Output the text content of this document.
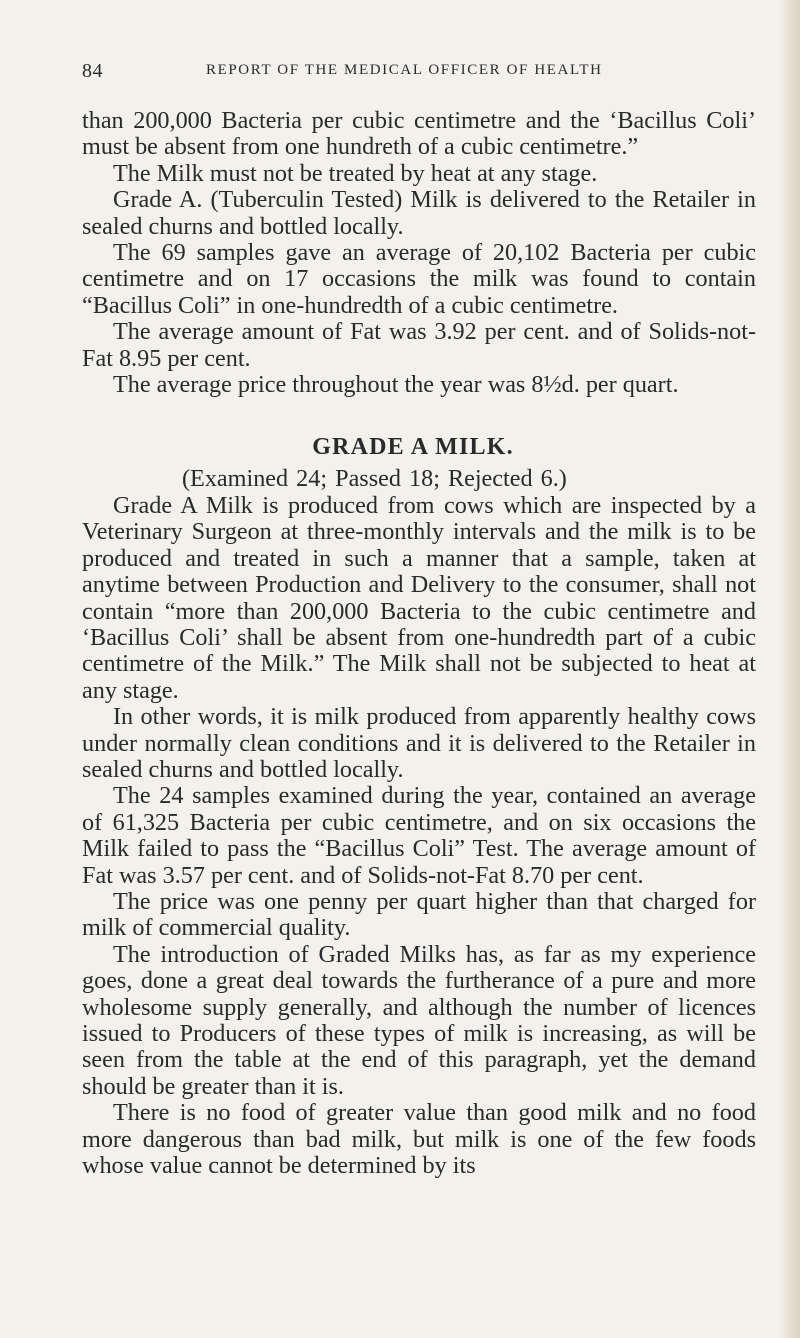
84	REPORT OF THE MEDICAL OFFICER OF HEALTH

than 200,000 Bacteria per cubic centimetre and the ‘Bacillus Coli’ must be absent from one hundreth of a cubic centimetre.”

The Milk must not be treated by heat at any stage.

Grade A. (Tuberculin Tested) Milk is delivered to the Retailer in sealed churns and bottled locally.

The 69 samples gave an average of 20,102 Bacteria per cubic centimetre and on 17 occasions the milk was found to contain “Bacillus Coli” in one-hundredth of a cubic centimetre.

The average amount of Fat was 3.92 per cent. and of Solids-not-Fat 8.95 per cent.

The average price throughout the year was 8½d. per quart.

GRADE A MILK.

(Examined 24; Passed 18; Rejected 6.)

Grade A Milk is produced from cows which are inspected by a Veterinary Surgeon at three-monthly intervals and the milk is to be produced and treated in such a manner that a sample, taken at anytime between Production and Delivery to the consumer, shall not contain “more than 200,000 Bacteria to the cubic centimetre and ‘Bacillus Coli’ shall be absent from one-hundredth part of a cubic centimetre of the Milk.” The Milk shall not be subjected to heat at any stage.

In other words, it is milk produced from apparently healthy cows under normally clean conditions and it is delivered to the Retailer in sealed churns and bottled locally.

The 24 samples examined during the year, contained an average of 61,325 Bacteria per cubic centimetre, and on six occasions the Milk failed to pass the “Bacillus Coli” Test. The average amount of Fat was 3.57 per cent. and of Solids-not-Fat 8.70 per cent.

The price was one penny per quart higher than that charged for milk of commercial quality.

The introduction of Graded Milks has, as far as my experience goes, done a great deal towards the furtherance of a pure and more wholesome supply generally, and although the number of licences issued to Producers of these types of milk is increasing, as will be seen from the table at the end of this paragraph, yet the demand should be greater than it is.

There is no food of greater value than good milk and no food more dangerous than bad milk, but milk is one of the few foods whose value cannot be determined by its
